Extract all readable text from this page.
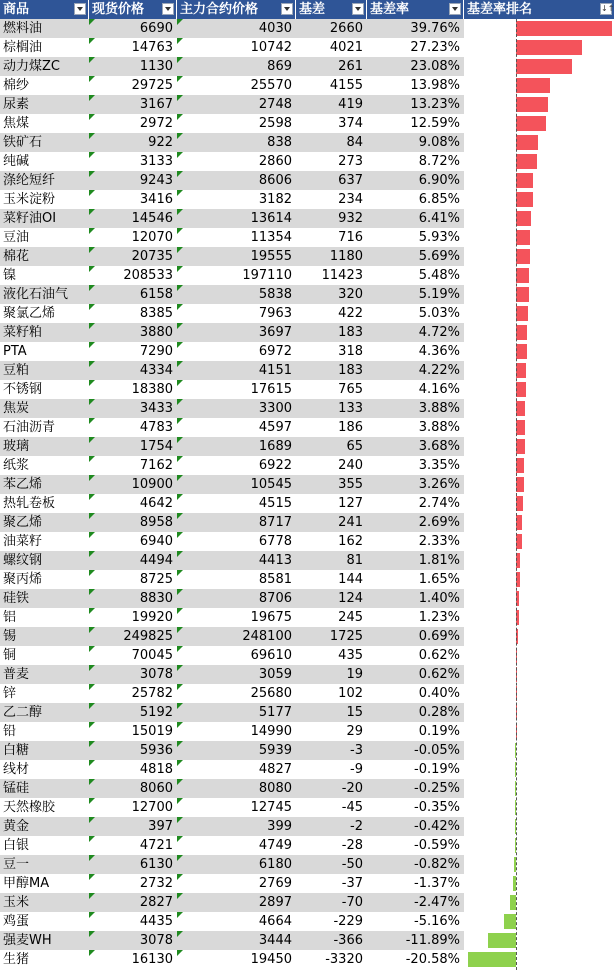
商品	现货价格	主力合约价格	基差	基差率	基差率排名	↓↑
燃料油	6690	4030	2660	39.76%
棕榈油	14763	10742	4021	27.23%
动力煤ZC	1130	869	261	23.08%
棉纱	29725	25570	4155	13.98%
尿素	3167	2748	419	13.23%
焦煤	2972	2598	374	12.59%
铁矿石	922	838	84	9.08%
纯碱	3133	2860	273	8.72%
涤纶短纤	9243	8606	637	6.90%
玉米淀粉	3416	3182	234	6.85%
菜籽油OI	14546	13614	932	6.41%
豆油	12070	11354	716	5.93%
棉花	20735	19555	1180	5.69%
镍	208533	197110	11423	5.48%
液化石油气	6158	5838	320	5.19%
聚氯乙烯	8385	7963	422	5.03%
菜籽粕	3880	3697	183	4.72%
PTA	7290	6972	318	4.36%
豆粕	4334	4151	183	4.22%
不锈钢	18380	17615	765	4.16%
焦炭	3433	3300	133	3.88%
石油沥青	4783	4597	186	3.88%
玻璃	1754	1689	65	3.68%
纸浆	7162	6922	240	3.35%
苯乙烯	10900	10545	355	3.26%
热轧卷板	4642	4515	127	2.74%
聚乙烯	8958	8717	241	2.69%
油菜籽	6940	6778	162	2.33%
螺纹钢	4494	4413	81	1.81%
聚丙烯	8725	8581	144	1.65%
硅铁	8830	8706	124	1.40%
铝	19920	19675	245	1.23%
锡	249825	248100	1725	0.69%
铜	70045	69610	435	0.62%
普麦	3078	3059	19	0.62%
锌	25782	25680	102	0.40%
乙二醇	5192	5177	15	0.28%
铅	15019	14990	29	0.19%
白糖	5936	5939	-3	-0.05%
线材	4818	4827	-9	-0.19%
锰硅	8060	8080	-20	-0.25%
天然橡胶	12700	12745	-45	-0.35%
黄金	397	399	-2	-0.42%
白银	4721	4749	-28	-0.59%
豆一	6130	6180	-50	-0.82%
甲醇MA	2732	2769	-37	-1.37%
玉米	2827	2897	-70	-2.47%
鸡蛋	4435	4664	-229	-5.16%
强麦WH	3078	3444	-366	-11.89%
生猪	16130	19450	-3320	-20.58%
